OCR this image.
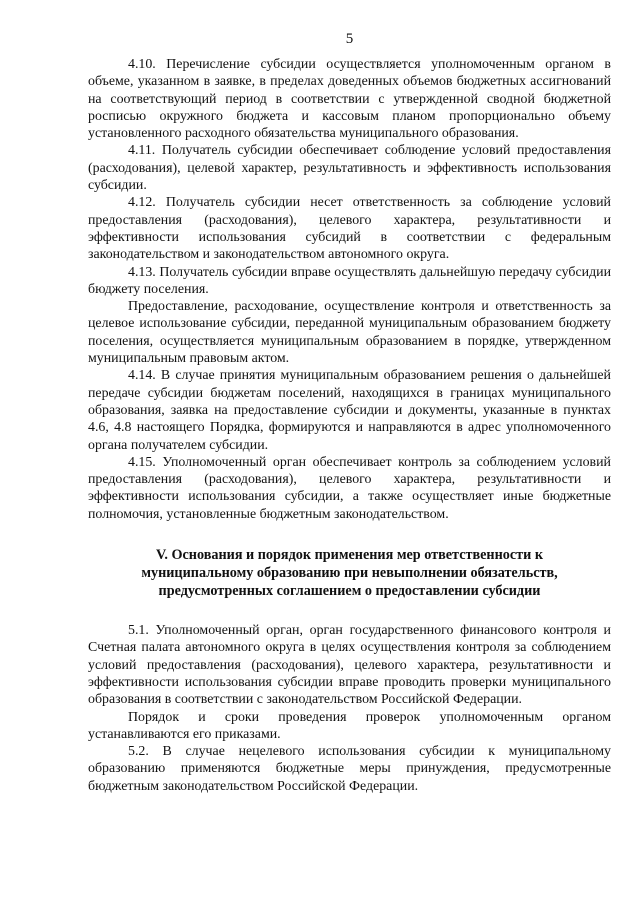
5

4.10. Перечисление субсидии осуществляется уполномоченным органом в объеме, указанном в заявке, в пределах доведенных объемов бюджетных ассигнований на соответствующий период в соответствии с утвержденной сводной бюджетной росписью окружного бюджета и кассовым планом пропорционально объему установленного расходного обязательства муниципального образования.

4.11. Получатель субсидии обеспечивает соблюдение условий предоставления (расходования), целевой характер, результативность и эффективность использования субсидии.

4.12. Получатель субсидии несет ответственность за соблюдение условий предоставления (расходования), целевого характера, результативности и эффективности использования субсидий в соответствии с федеральным законодательством и законодательством автономного округа.

4.13. Получатель субсидии вправе осуществлять дальнейшую передачу субсидии бюджету поселения.

Предоставление, расходование, осуществление контроля и ответственность за целевое использование субсидии, переданной муниципальным образованием бюджету поселения, осуществляется муниципальным образованием в порядке, утвержденном муниципальным правовым актом.

4.14. В случае принятия муниципальным образованием решения о дальнейшей передаче субсидии бюджетам поселений, находящихся в границах муниципального образования, заявка на предоставление субсидии и документы, указанные в пунктах 4.6, 4.8 настоящего Порядка, формируются и направляются в адрес уполномоченного органа получателем субсидии.

4.15. Уполномоченный орган обеспечивает контроль за соблюдением условий предоставления (расходования), целевого характера, результативности и эффективности использования субсидии, а также осуществляет иные бюджетные полномочия, установленные бюджетным законодательством.

V. Основания и порядок применения мер ответственности к
муниципальному образованию при невыполнении обязательств,
предусмотренных соглашением о предоставлении субсидии

5.1. Уполномоченный орган, орган государственного финансового контроля и Счетная палата автономного округа в целях осуществления контроля за соблюдением условий предоставления (расходования), целевого характера, результативности и эффективности использования субсидии вправе проводить проверки муниципального образования в соответствии с законодательством Российской Федерации.

Порядок и сроки проведения проверок уполномоченным органом устанавливаются его приказами.

5.2. В случае нецелевого использования субсидии к муниципальному образованию применяются бюджетные меры принуждения, предусмотренные бюджетным законодательством Российской Федерации.
